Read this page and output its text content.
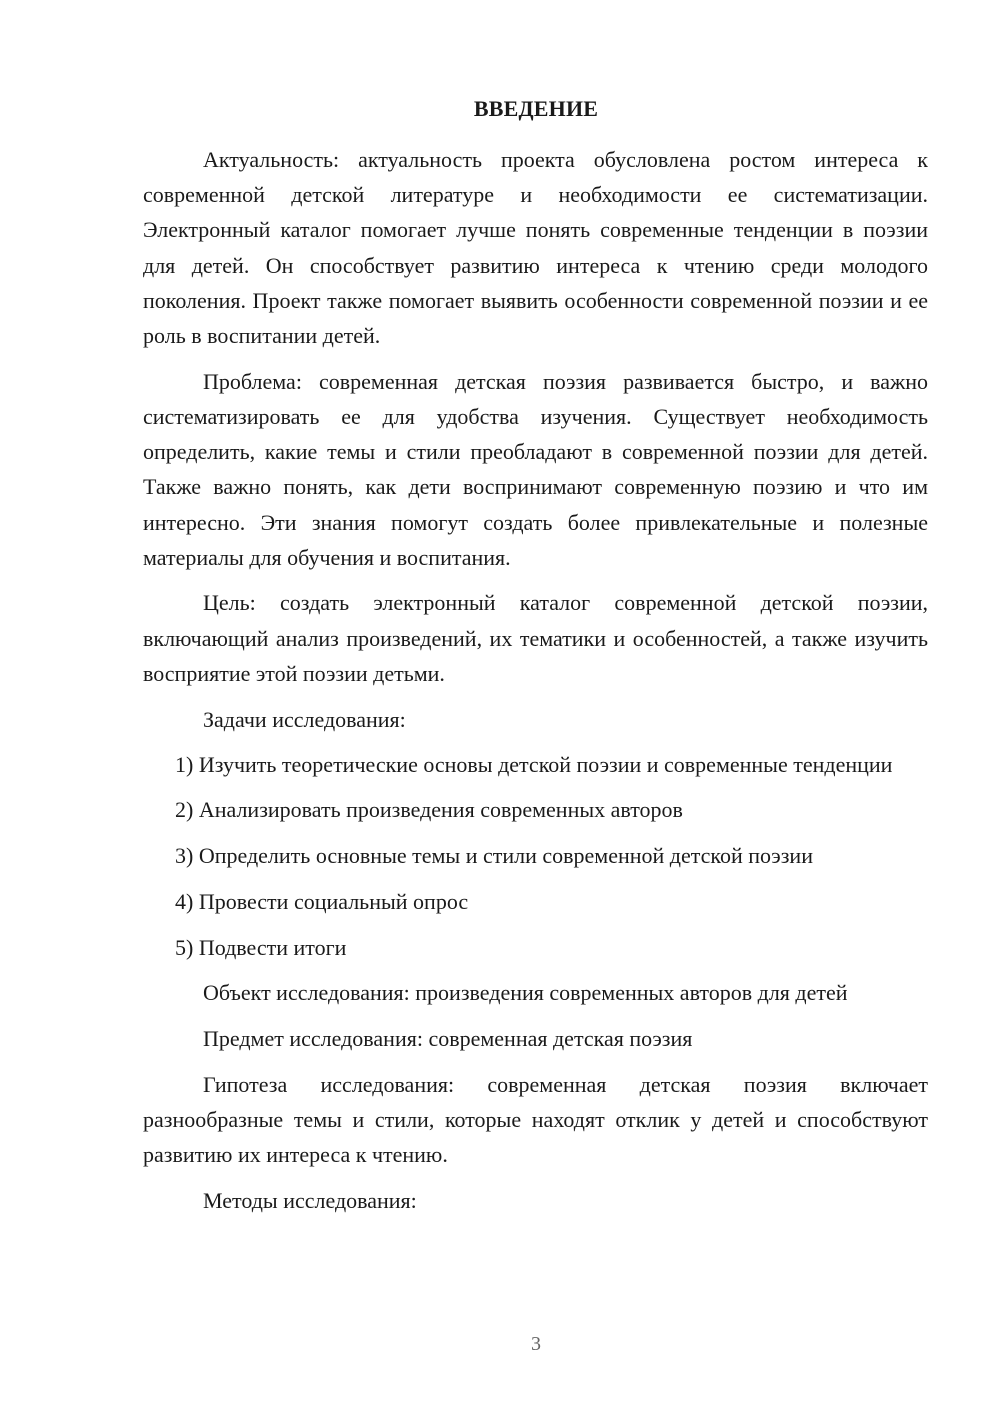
ВВЕДЕНИЕ

Актуальность: актуальность проекта обусловлена ростом интереса к современной детской литературе и необходимости ее систематизации. Электронный каталог помогает лучше понять современные тенденции в поэзии для детей. Он способствует развитию интереса к чтению среди молодого поколения. Проект также помогает выявить особенности современной поэзии и ее роль в воспитании детей.

Проблема: современная детская поэзия развивается быстро, и важно систематизировать ее для удобства изучения. Существует необходимость определить, какие темы и стили преобладают в современной поэзии для детей. Также важно понять, как дети воспринимают современную поэзию и что им интересно. Эти знания помогут создать более привлекательные и полезные материалы для обучения и воспитания.

Цель: создать электронный каталог современной детской поэзии, включающий анализ произведений, их тематики и особенностей, а также изучить восприятие этой поэзии детьми.

Задачи исследования:

1) Изучить теоретические основы детской поэзии и современные тенденции

2) Анализировать произведения современных авторов

3) Определить основные темы и стили современной детской поэзии

4) Провести социальный опрос

5) Подвести итоги

Объект исследования: произведения современных авторов для детей

Предмет исследования: современная детская поэзия

Гипотеза исследования: современная детская поэзия включает разнообразные темы и стили, которые находят отклик у детей и способствуют развитию их интереса к чтению.

Методы исследования:

3
